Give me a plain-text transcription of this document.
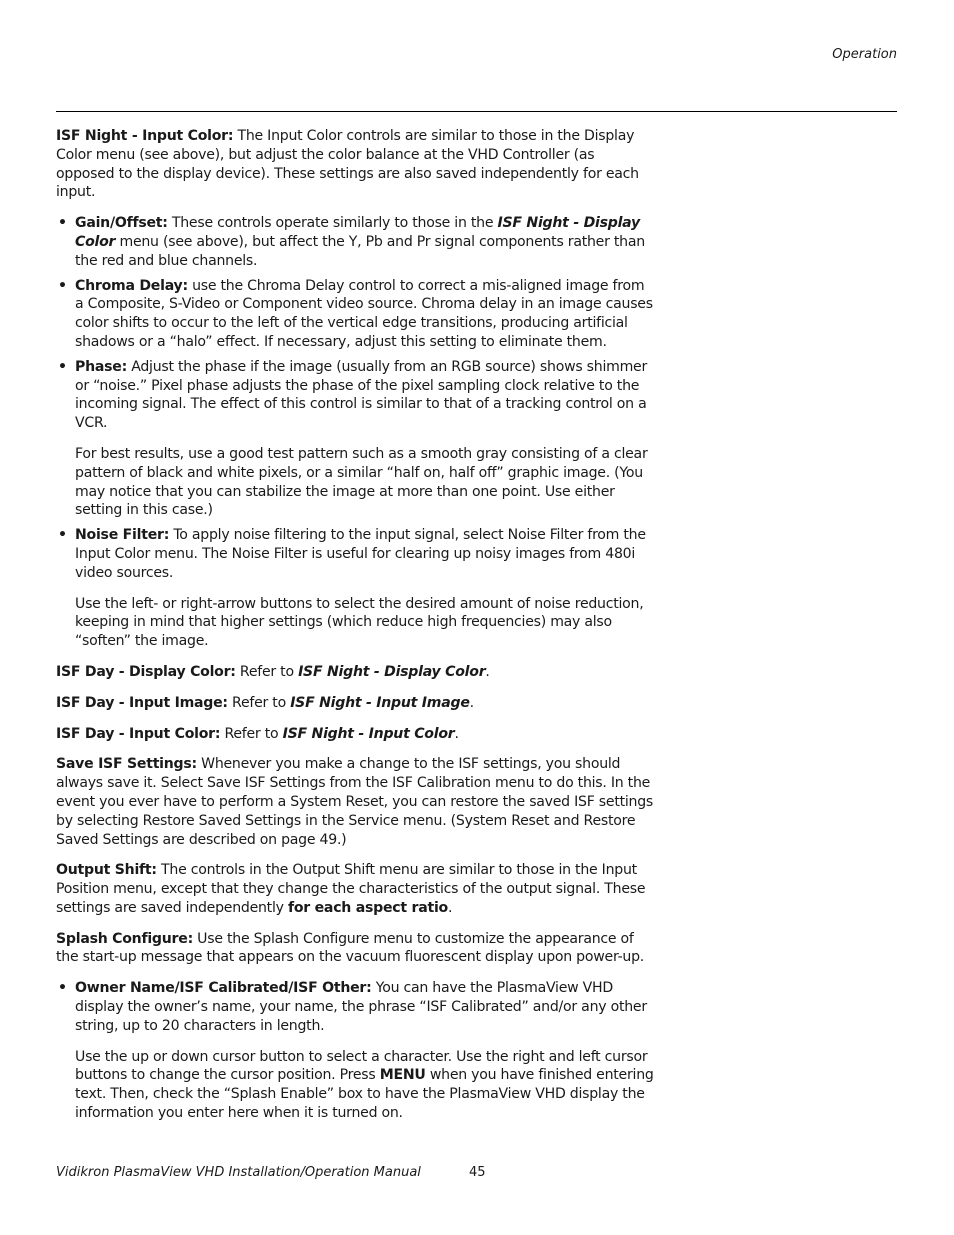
Operation

ISF Night - Input Color: The Input Color controls are similar to those in the Display Color menu (see above), but adjust the color balance at the VHD Controller (as opposed to the display device). These settings are also saved independently for each input.

• Gain/Offset: These controls operate similarly to those in the ISF Night - Display Color menu (see above), but affect the Y, Pb and Pr signal components rather than the red and blue channels.
• Chroma Delay: use the Chroma Delay control to correct a mis-aligned image from a Composite, S-Video or Component video source. Chroma delay in an image causes color shifts to occur to the left of the vertical edge transitions, producing artificial shadows or a “halo” effect. If necessary, adjust this setting to eliminate them.
• Phase: Adjust the phase if the image (usually from an RGB source) shows shimmer or “noise.” Pixel phase adjusts the phase of the pixel sampling clock relative to the incoming signal. The effect of this control is similar to that of a tracking control on a VCR.

For best results, use a good test pattern such as a smooth gray consisting of a clear pattern of black and white pixels, or a similar “half on, half off” graphic image. (You may notice that you can stabilize the image at more than one point. Use either setting in this case.)

• Noise Filter: To apply noise filtering to the input signal, select Noise Filter from the Input Color menu. The Noise Filter is useful for clearing up noisy images from 480i video sources.

Use the left- or right-arrow buttons to select the desired amount of noise reduction, keeping in mind that higher settings (which reduce high frequencies) may also “soften” the image.

ISF Day - Display Color: Refer to ISF Night - Display Color.

ISF Day - Input Image: Refer to ISF Night - Input Image.

ISF Day - Input Color: Refer to ISF Night - Input Color.

Save ISF Settings: Whenever you make a change to the ISF settings, you should always save it. Select Save ISF Settings from the ISF Calibration menu to do this. In the event you ever have to perform a System Reset, you can restore the saved ISF settings by selecting Restore Saved Settings in the Service menu. (System Reset and Restore Saved Settings are described on page 49.)

Output Shift: The controls in the Output Shift menu are similar to those in the Input Position menu, except that they change the characteristics of the output signal. These settings are saved independently for each aspect ratio.

Splash Configure: Use the Splash Configure menu to customize the appearance of the start-up message that appears on the vacuum fluorescent display upon power-up.

• Owner Name/ISF Calibrated/ISF Other: You can have the PlasmaView VHD display the owner’s name, your name, the phrase “ISF Calibrated” and/or any other string, up to 20 characters in length.

Use the up or down cursor button to select a character. Use the right and left cursor buttons to change the cursor position. Press MENU when you have finished entering text. Then, check the “Splash Enable” box to have the PlasmaView VHD display the information you enter here when it is turned on.

Vidikron PlasmaView VHD Installation/Operation Manual	45
